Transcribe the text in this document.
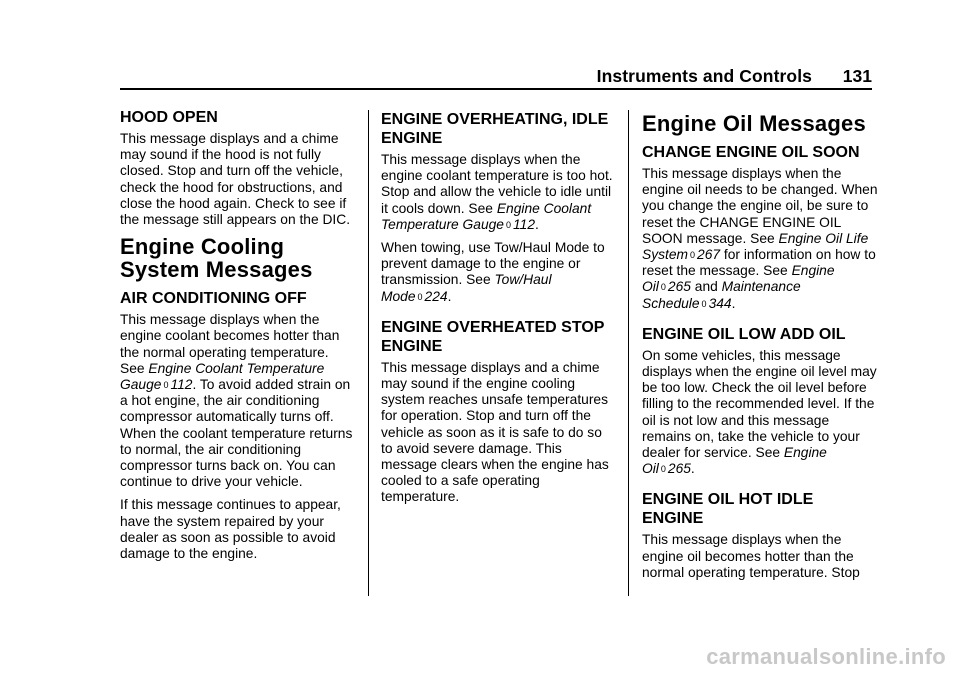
Instruments and Controls 131
HOOD OPEN

This message displays and a chime may sound if the hood is not fully closed. Stop and turn off the vehicle, check the hood for obstructions, and close the hood again. Check to see if the message still appears on the DIC.

Engine Cooling System Messages
AIR CONDITIONING OFF

This message displays when the engine coolant becomes hotter than the normal operating temperature. See Engine Coolant Temperature Gauge 0 112. To avoid added strain on a hot engine, the air conditioning compressor automatically turns off. When the coolant temperature returns to normal, the air conditioning compressor turns back on. You can continue to drive your vehicle.

If this message continues to appear, have the system repaired by your dealer as soon as possible to avoid damage to the engine.

ENGINE OVERHEATING, IDLE ENGINE

This message displays when the engine coolant temperature is too hot. Stop and allow the vehicle to idle until it cools down. See Engine Coolant Temperature Gauge 0 112.

When towing, use Tow/Haul Mode to prevent damage to the engine or transmission. See Tow/Haul Mode 0 224.

ENGINE OVERHEATED STOP ENGINE

This message displays and a chime may sound if the engine cooling system reaches unsafe temperatures for operation. Stop and turn off the vehicle as soon as it is safe to do so to avoid severe damage. This message clears when the engine has cooled to a safe operating temperature.

Engine Oil Messages
CHANGE ENGINE OIL SOON

This message displays when the engine oil needs to be changed. When you change the engine oil, be sure to reset the CHANGE ENGINE OIL SOON message. See Engine Oil Life System 0 267 for information on how to reset the message. See Engine Oil 0 265 and Maintenance Schedule 0 344.

ENGINE OIL LOW ADD OIL

On some vehicles, this message displays when the engine oil level may be too low. Check the oil level before filling to the recommended level. If the oil is not low and this message remains on, take the vehicle to your dealer for service. See Engine Oil 0 265.

ENGINE OIL HOT IDLE ENGINE

This message displays when the engine oil becomes hotter than the normal operating temperature. Stop

carmanualsonline.info
